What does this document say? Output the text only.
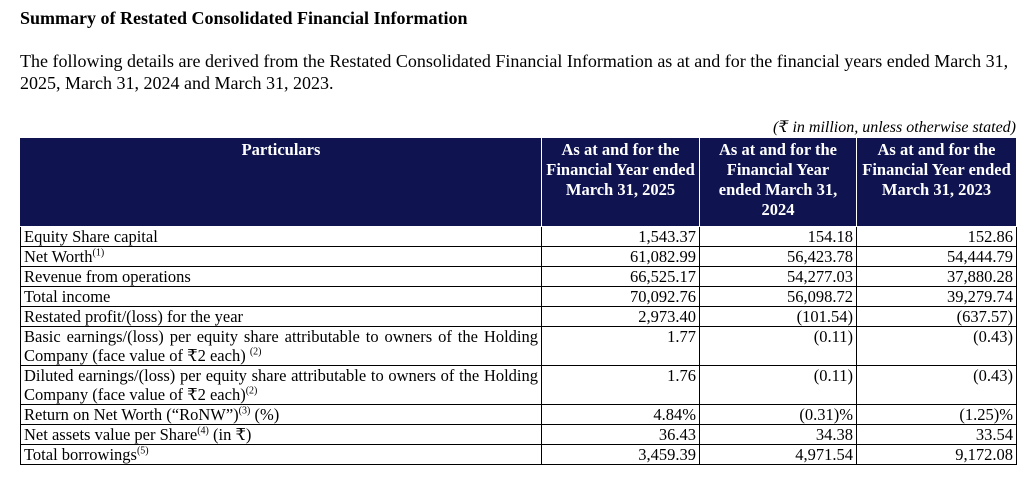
Summary of Restated Consolidated Financial Information

The following details are derived from the Restated Consolidated Financial Information as at and for the financial years ended March 31, 2025, March 31, 2024 and March 31, 2023.

(₹ in million, unless otherwise stated)
Particulars	As at and for the Financial Year ended March 31, 2025	As at and for the Financial Year ended March 31, 2024	As at and for the Financial Year ended March 31, 2023
Equity Share capital	1,543.37	154.18	152.86
Net Worth$^{(1)}$	61,082.99	56,423.78	54,444.79
Revenue from operations	66,525.17	54,277.03	37,880.28
Total income	70,092.76	56,098.72	39,279.74
Restated profit/(loss) for the year	2,973.40	(101.54)	(637.57)
Basic earnings/(loss) per equity share attributable to owners of the Holding Company (face value of ₹2 each) $^{(2)}$	1.77	(0.11)	(0.43)
Diluted earnings/(loss) per equity share attributable to owners of the Holding Company (face value of ₹2 each)$^{(2)}$	1.76	(0.11)	(0.43)
Return on Net Worth (“RoNW”)$^{(3)}$ (%)	4.84%	(0.31)%	(1.25)%
Net assets value per Share$^{(4)}$ (in ₹)	36.43	34.38	33.54
Total borrowings$^{(5)}$	3,459.39	4,971.54	9,172.08
